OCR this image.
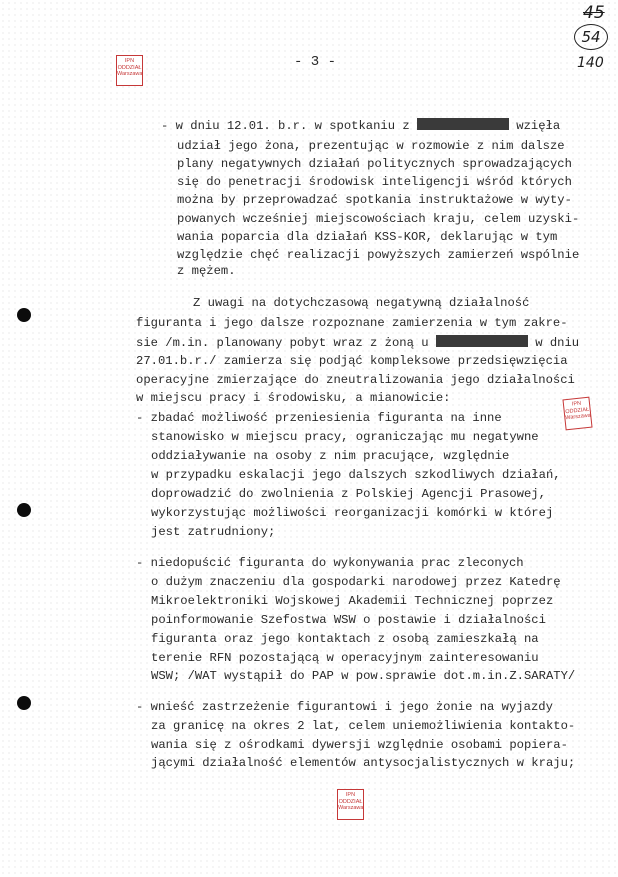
45
54
140
- 3 -
IPN
ODDZIAŁ
Warszawa
IPN
ODDZIAŁ
Warszawa
IPN
ODDZIAŁ
Warszawa
- w dniu 12.01. b.r. w spotkaniu z	wzięła
udział jego żona, prezentując w rozmowie z nim dalsze
plany negatywnych działań politycznych sprowadzających
się do penetracji środowisk inteligencji wśród których
można by przeprowadzać spotkania instruktażowe w wyty-
powanych wcześniej miejscowościach kraju, celem uzyski-
wania poparcia dla działań KSS-KOR, deklarując w tym
względzie chęć realizacji powyższych zamierzeń wspólnie
z mężem.
Z uwagi na dotychczasową negatywną działalność
figuranta i jego dalsze rozpoznane zamierzenia w tym zakre-
sie /m.in. planowany pobyt wraz z żoną u	w dniu
27.01.b.r./ zamierza się podjąć kompleksowe przedsięwzięcia
operacyjne zmierzające do zneutralizowania jego działalności
w miejscu pracy i środowisku, a mianowicie:
- zbadać możliwość przeniesienia figuranta na inne
stanowisko w miejscu pracy, ograniczając mu negatywne
oddziaływanie na osoby z nim pracujące, względnie
w przypadku eskalacji jego dalszych szkodliwych działań,
doprowadzić do zwolnienia z Polskiej Agencji Prasowej,
wykorzystując możliwości reorganizacji komórki w której
jest zatrudniony;
- niedopuścić figuranta do wykonywania prac zleconych
o dużym znaczeniu dla gospodarki narodowej przez Katedrę
Mikroelektroniki Wojskowej Akademii Technicznej poprzez
poinformowanie Szefostwa WSW o postawie i działalności
figuranta oraz jego kontaktach z osobą zamieszkałą na
terenie RFN pozostającą w operacyjnym zainteresowaniu
WSW; /WAT wystąpił do PAP w pow.sprawie dot.m.in.Z.SARATY/
- wnieść zastrzeżenie figurantowi i jego żonie na wyjazdy
za granicę na okres 2 lat, celem uniemożliwienia kontakto-
wania się z ośrodkami dywersji względnie osobami popiera-
jącymi działalność elementów antysocjalistycznych w kraju;
